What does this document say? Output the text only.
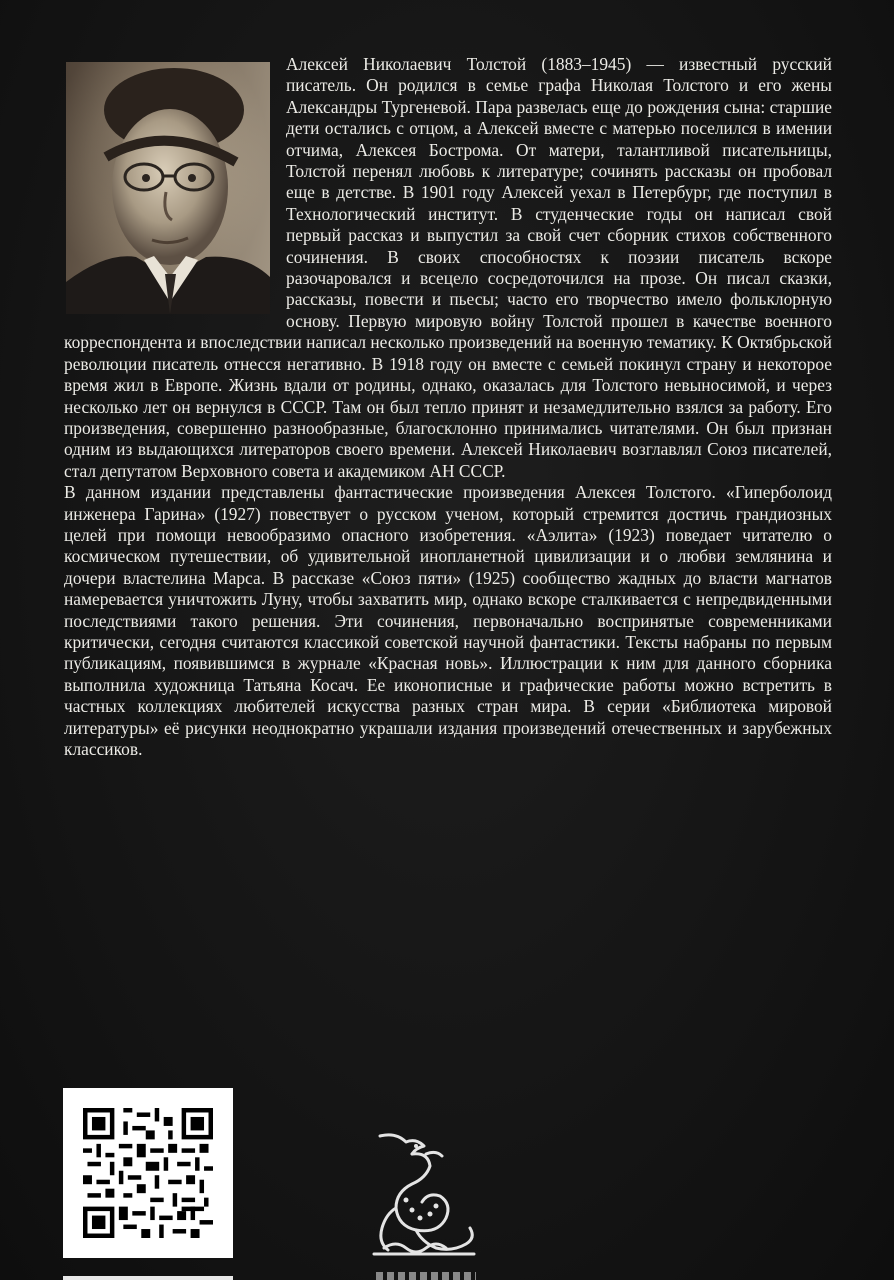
Алексей Николаевич Толстой (1883–1945) — известный русский писатель. Он родился в семье графа Николая Толстого и его жены Александры Тургеневой. Пара развелась еще до рождения сына: старшие дети остались с отцом, а Алексей вместе с матерью поселился в имении отчима, Алексея Бострома. От матери, талантливой писательницы, Толстой перенял любовь к литературе; сочинять рассказы он пробовал еще в детстве. В 1901 году Алексей уехал в Петербург, где поступил в Технологический институт. В студенческие годы он написал свой первый рассказ и выпустил за свой счет сборник стихов собственного сочинения. В своих способностях к поэзии писатель вскоре разочаровался и всецело сосредоточился на прозе. Он писал сказки, рассказы, повести и пьесы; часто его творчество имело фольклорную основу. Первую мировую войну Толстой прошел в качестве военного корреспондента и впоследствии написал несколько произведений на военную тематику. К Октябрьской революции писатель отнесся негативно. В 1918 году он вместе с семьей покинул страну и некоторое время жил в Европе. Жизнь вдали от родины, однако, оказалась для Толстого невыносимой, и через несколько лет он вернулся в СССР. Там он был тепло принят и незамедлительно взялся за работу. Его произведения, совершенно разнообразные, благосклонно принимались читателями. Он был признан одним из выдающихся литераторов своего времени. Алексей Николаевич возглавлял Союз писателей, стал депутатом Верховного совета и академиком АН СССР.

В данном издании представлены фантастические произведения Алексея Толстого. «Гиперболоид инженера Гарина» (1927) повествует о русском ученом, который стремится достичь грандиозных целей при помощи невообразимо опасного изобретения. «Аэлита» (1923) поведает читателю о космическом путешествии, об удивительной инопланетной цивилизации и о любви землянина и дочери властелина Марса. В рассказе «Союз пяти» (1925) сообщество жадных до власти магнатов намеревается уничтожить Луну, чтобы захватить мир, однако вскоре сталкивается с непредвиденными последствиями такого решения. Эти сочинения, первоначально воспринятые современниками критически, сегодня считаются классикой советской научной фантастики. Тексты набраны по первым публикациям, появившимся в журнале «Красная новь». Иллюстрации к ним для данного сборника выполнила художница Татьяна Косач. Ее иконописные и графические работы можно встретить в частных коллекциях любителей искусства разных стран мира. В серии «Библиотека мировой литературы» её рисунки неоднократно украшали издания произведений отечественных и зарубежных классиков.
